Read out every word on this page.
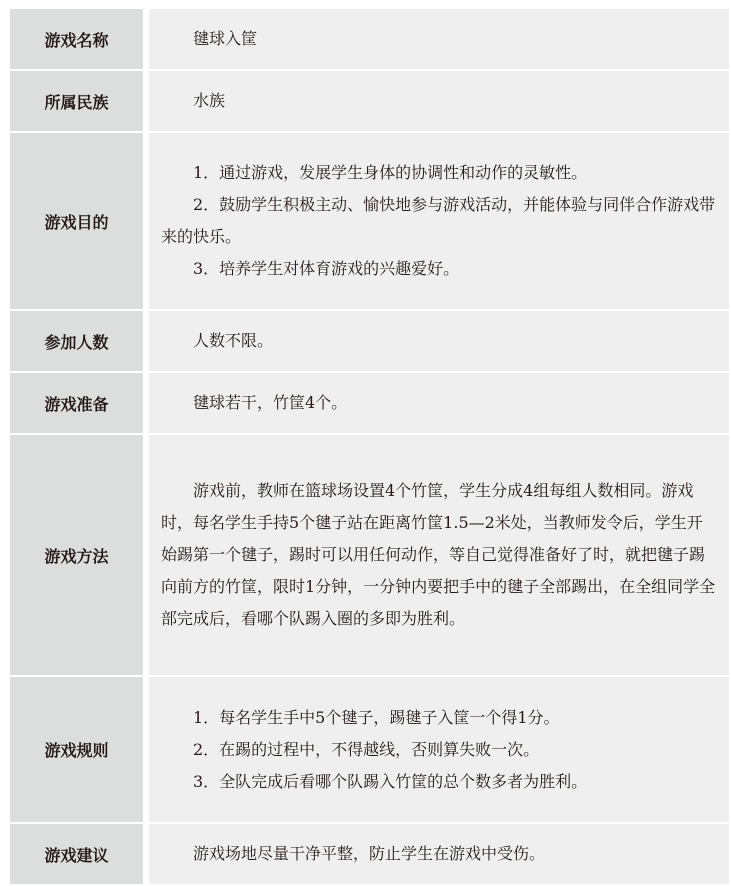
游戏名称	毽球入筐

所属民族	水族

游戏目的	1．通过游戏，发展学生身体的协调性和动作的灵敏性。

2．鼓励学生积极主动、愉快地参与游戏活动，并能体验与同伴合作游戏带来的快乐。

3．培养学生对体育游戏的兴趣爱好。

参加人数	人数不限。

游戏准备	毽球若干，竹筐4个。

游戏方法	游戏前，教师在篮球场设置4个竹筐，学生分成4组每组人数相同。游戏时，每名学生手持5个毽子站在距离竹筐1.5—2米处，当教师发令后，学生开始踢第一个毽子，踢时可以用任何动作，等自己觉得准备好了时，就把毽子踢向前方的竹筐，限时1分钟，一分钟内要把手中的毽子全部踢出，在全组同学全部完成后，看哪个队踢入圈的多即为胜利。

游戏规则	1．每名学生手中5个毽子，踢毽子入筐一个得1分。

2．在踢的过程中，不得越线，否则算失败一次。

3．全队完成后看哪个队踢入竹筐的总个数多者为胜利。

游戏建议	游戏场地尽量干净平整，防止学生在游戏中受伤。
